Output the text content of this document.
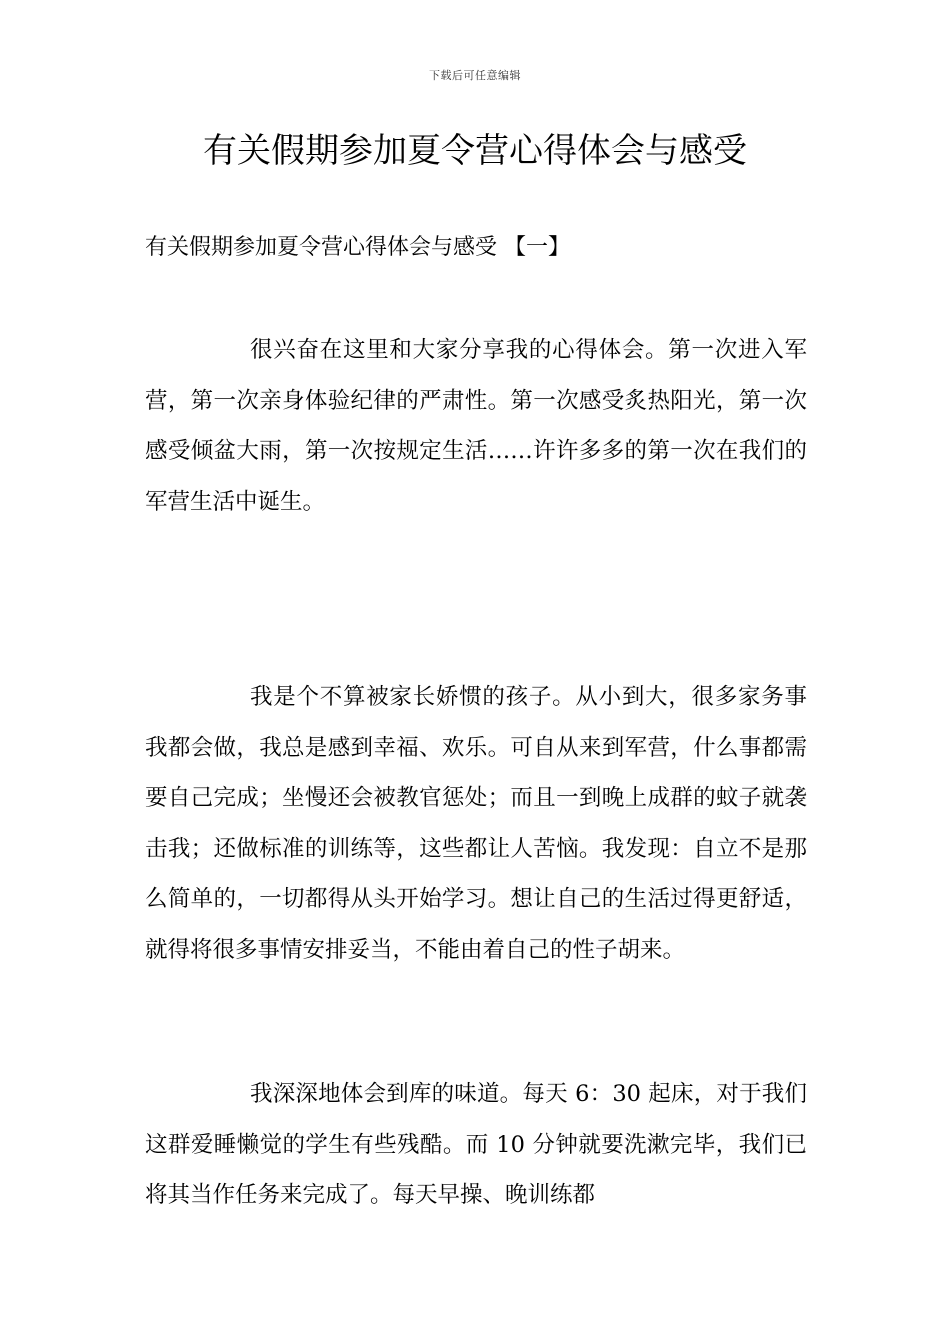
下载后可任意编辑
有关假期参加夏令营心得体会与感受
有关假期参加夏令营心得体会与感受 【一】

很兴奋在这里和大家分享我的心得体会。第一次进入军营，第一次亲身体验纪律的严肃性。第一次感受炙热阳光，第一次感受倾盆大雨，第一次按规定生活……许许多多的第一次在我们的军营生活中诞生。

我是个不算被家长娇惯的孩子。从小到大，很多家务事我都会做，我总是感到幸福、欢乐。可自从来到军营，什么事都需要自己完成；坐慢还会被教官惩处；而且一到晚上成群的蚊子就袭击我；还做标准的训练等，这些都让人苦恼。我发现：自立不是那么简单的，一切都得从头开始学习。想让自己的生活过得更舒适，就得将很多事情安排妥当，不能由着自己的性子胡来。

我深深地体会到库的味道。每天 6：30 起床，对于我们这群爱睡懒觉的学生有些残酷。而 10 分钟就要洗漱完毕，我们已将其当作任务来完成了。每天早操、晚训练都
